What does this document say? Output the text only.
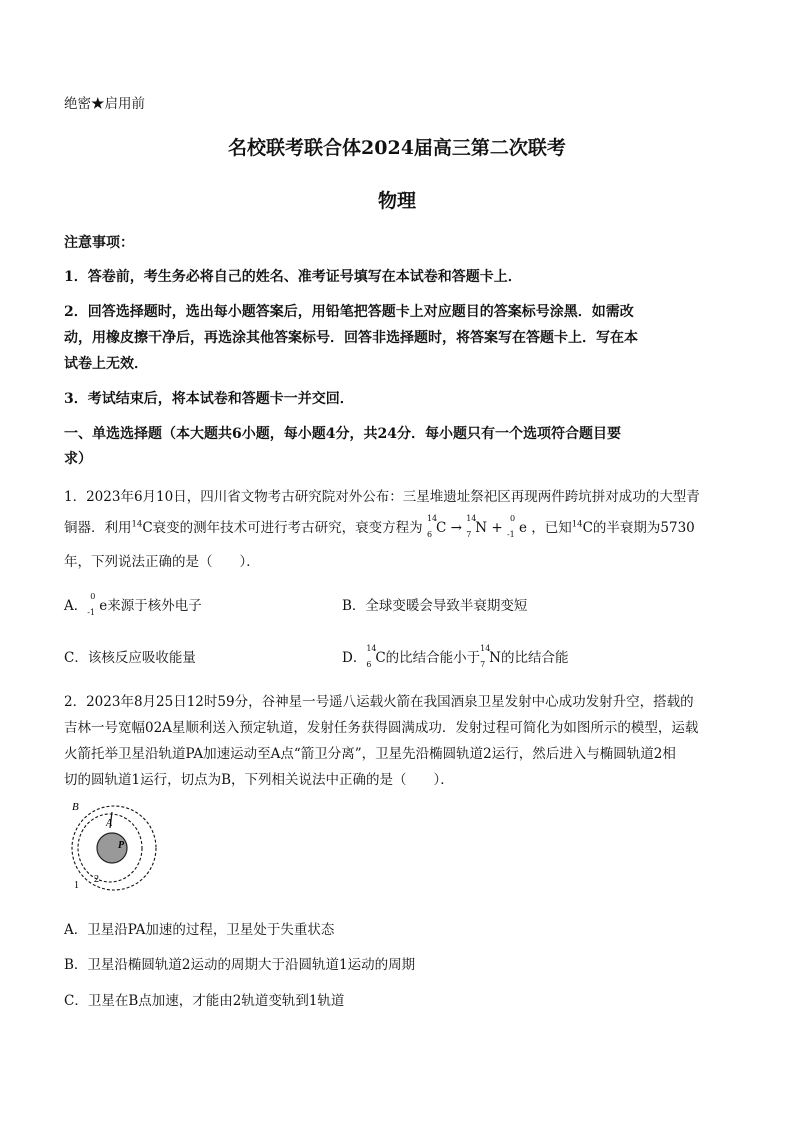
绝密★启用前
名校联考联合体2024届高三第二次联考
物理
注意事项：
1．答卷前，考生务必将自己的姓名、准考证号填写在本试卷和答题卡上．
2．回答选择题时，选出每小题答案后，用铅笔把答题卡上对应题目的答案标号涂黑．如需改
动，用橡皮擦干净后，再选涂其他答案标号．回答非选择题时，将答案写在答题卡上．写在本
试卷上无效．
3．考试结束后，将本试卷和答题卡一并交回．
一、单选选择题（本大题共6小题，每小题4分，共24分．每小题只有一个选项符合题目要
求）
1．2023年6月10日，四川省文物考古研究院对外公布：三星堆遗址祭祀区再现两件跨坑拼对成功的大型青
铜器．利用$^{14}$C衰变的测年技术可进行考古研究，衰变方程为
14
6 C →
14
7 N +
0
-1 e ，已知$^{14}$C的半衰期为5730
年，下列说法正确的是（　　）．
A．
0
-1 e来源于核外电子	B．全球变暖会导致半衰期变短
C．该核反应吸收能量	D．
14
6 C的比结合能小于
14
7 N的比结合能
2．2023年8月25日12时59分，谷神星一号遥八运载火箭在我国酒泉卫星发射中心成功发射升空，搭载的
吉林一号宽幅02A星顺利送入预定轨道，发射任务获得圆满成功．发射过程可简化为如图所示的模型，运载
火箭托举卫星沿轨道PA加速运动至A点“箭卫分离”，卫星先沿椭圆轨道2运行，然后进入与椭圆轨道2相
切的圆轨道1运行，切点为B，下列相关说法中正确的是（　　）．
B
A
P
1
2
A．卫星沿PA加速的过程，卫星处于失重状态
B．卫星沿椭圆轨道2运动的周期大于沿圆轨道1运动的周期
C．卫星在B点加速，才能由2轨道变轨到1轨道
